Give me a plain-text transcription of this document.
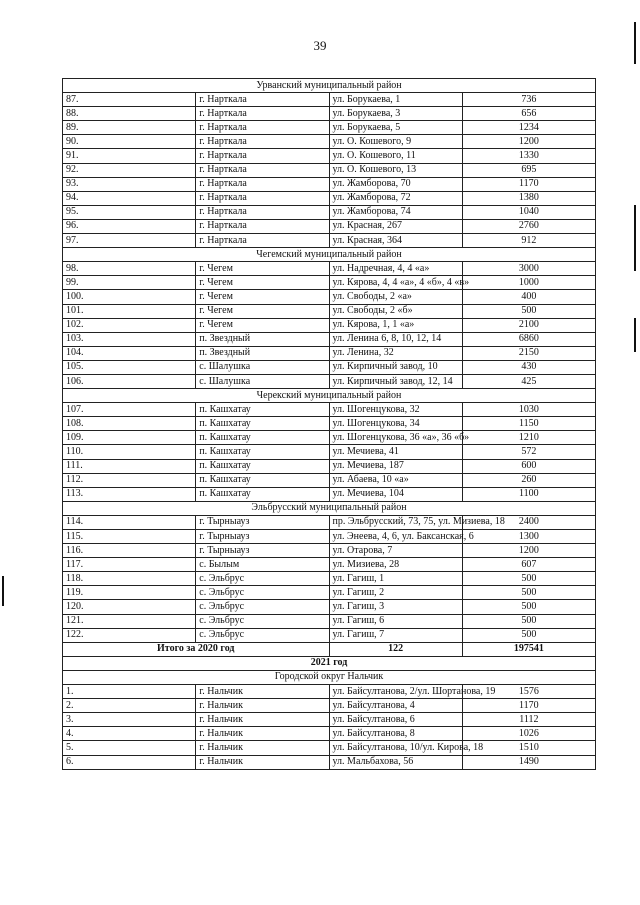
39
Урванский муниципальный район			
87.	г. Нарткала	ул. Борукаева, 1	736
88.	г. Нарткала	ул. Борукаева, 3	656
89.	г. Нарткала	ул. Борукаева, 5	1234
90.	г. Нарткала	ул. О. Кошевого, 9	1200
91.	г. Нарткала	ул. О. Кошевого, 11	1330
92.	г. Нарткала	ул. О. Кошевого, 13	695
93.	г. Нарткала	ул. Жамборова, 70	1170
94.	г. Нарткала	ул. Жамборова, 72	1380
95.	г. Нарткала	ул. Жамборова, 74	1040
96.	г. Нарткала	ул. Красная, 267	2760
97.	г. Нарткала	ул. Красная, 364	912
Чегемский муниципальный район			
98.	г. Чегем	ул. Надречная, 4, 4 «а»	3000
99.	г. Чегем	ул. Кярова, 4, 4 «а», 4 «б», 4 «в»	1000
100.	г. Чегем	ул. Свободы, 2 «а»	400
101.	г. Чегем	ул. Свободы, 2 «б»	500
102.	г. Чегем	ул. Кярова, 1, 1 «а»	2100
103.	п. Звездный	ул. Ленина 6, 8, 10, 12, 14	6860
104.	п. Звездный	ул. Ленина, 32	2150
105.	с. Шалушка	ул. Кирпичный завод, 10	430
106.	с. Шалушка	ул. Кирпичный завод, 12, 14	425
Черекский муниципальный район			
107.	п. Кашхатау	ул. Шогенцукова, 32	1030
108.	п. Кашхатау	ул. Шогенцукова, 34	1150
109.	п. Кашхатау	ул. Шогенцукова, 36 «а», 36 «б»	1210
110.	п. Кашхатау	ул. Мечиева, 41	572
111.	п. Кашхатау	ул. Мечиева, 187	600
112.	п. Кашхатау	ул. Абаева, 10 «а»	260
113.	п. Кашхатау	ул. Мечиева, 104	1100
Эльбрусский муниципальный район			
114.	г. Тырныауз	пр. Эльбрусский, 73, 75, ул. Мизиева, 18	2400
115.	г. Тырныауз	ул. Энеева, 4, 6, ул. Баксанская, 6	1300
116.	г. Тырныауз	ул. Отарова, 7	1200
117.	с. Былым	ул. Мизиева, 28	607
118.	с. Эльбрус	ул. Гагиш, 1	500
119.	с. Эльбрус	ул. Гагиш, 2	500
120.	с. Эльбрус	ул. Гагиш, 3	500
121.	с. Эльбрус	ул. Гагиш, 6	500
122.	с. Эльбрус	ул. Гагиш, 7	500
Итого за 2020 год		122	197541
2021 год			
Городской округ Нальчик			
1.	г. Нальчик	ул. Байсултанова, 2/ул. Шортанова, 19	1576
2.	г. Нальчик	ул. Байсултанова, 4	1170
3.	г. Нальчик	ул. Байсултанова, 6	1112
4.	г. Нальчик	ул. Байсултанова, 8	1026
5.	г. Нальчик	ул. Байсултанова, 10/ул. Кирова, 18	1510
6.	г. Нальчик	ул. Мальбахова, 56	1490
